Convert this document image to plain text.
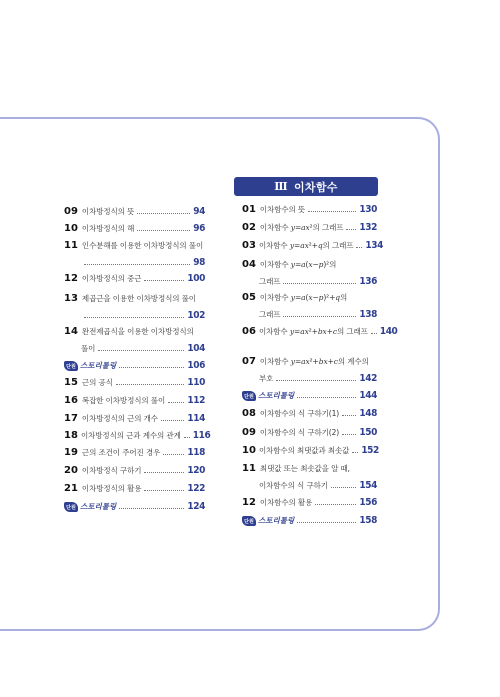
Ⅲ 이차함수
09 이차방정식의 뜻	94
10 이차방정식의 해	96
11 인수분해를 이용한 이차방정식의 풀이
98
12 이차방정식의 중근	100
13 제곱근을 이용한 이차방정식의 풀이
102
14 완전제곱식을 이용한 이차방정식의
풀이	104
단원 스토리툴링	106
15 근의 공식	110
16 복잡한 이차방정식의 풀이 112
17 이차방정식의 근의 개수	114
18 이차방정식의 근과 계수의 관계 116
19 근의 조건이 주어진 경우	118
20 이차방정식 구하기	120
21 이차방정식의 활용	122
단원 스토리툴링	124
01 이차함수의 뜻	130
02 이차함수 y=ax²의 그래프 132
03 이차함수 y=ax²+q의 그래프 134
04 이차함수 y=a(x−p)²의
그래프	136
05 이차함수 y=a(x−p)²+q의
그래프	138
06 이차함수 y=ax²+bx+c의 그래프 140
07 이차함수 y=ax²+bx+c의 계수의
부호	142
단원 스토리툴링	144
08 이차함수의 식 구하기(1) 148
09 이차함수의 식 구하기(2) 150
10 이차함수의 최댓값과 최솟값 152
11 최댓값 또는 최솟값을 알 때,
이차함수의 식 구하기	154
12 이차함수의 활용	156
단원 스토리툴링	158
